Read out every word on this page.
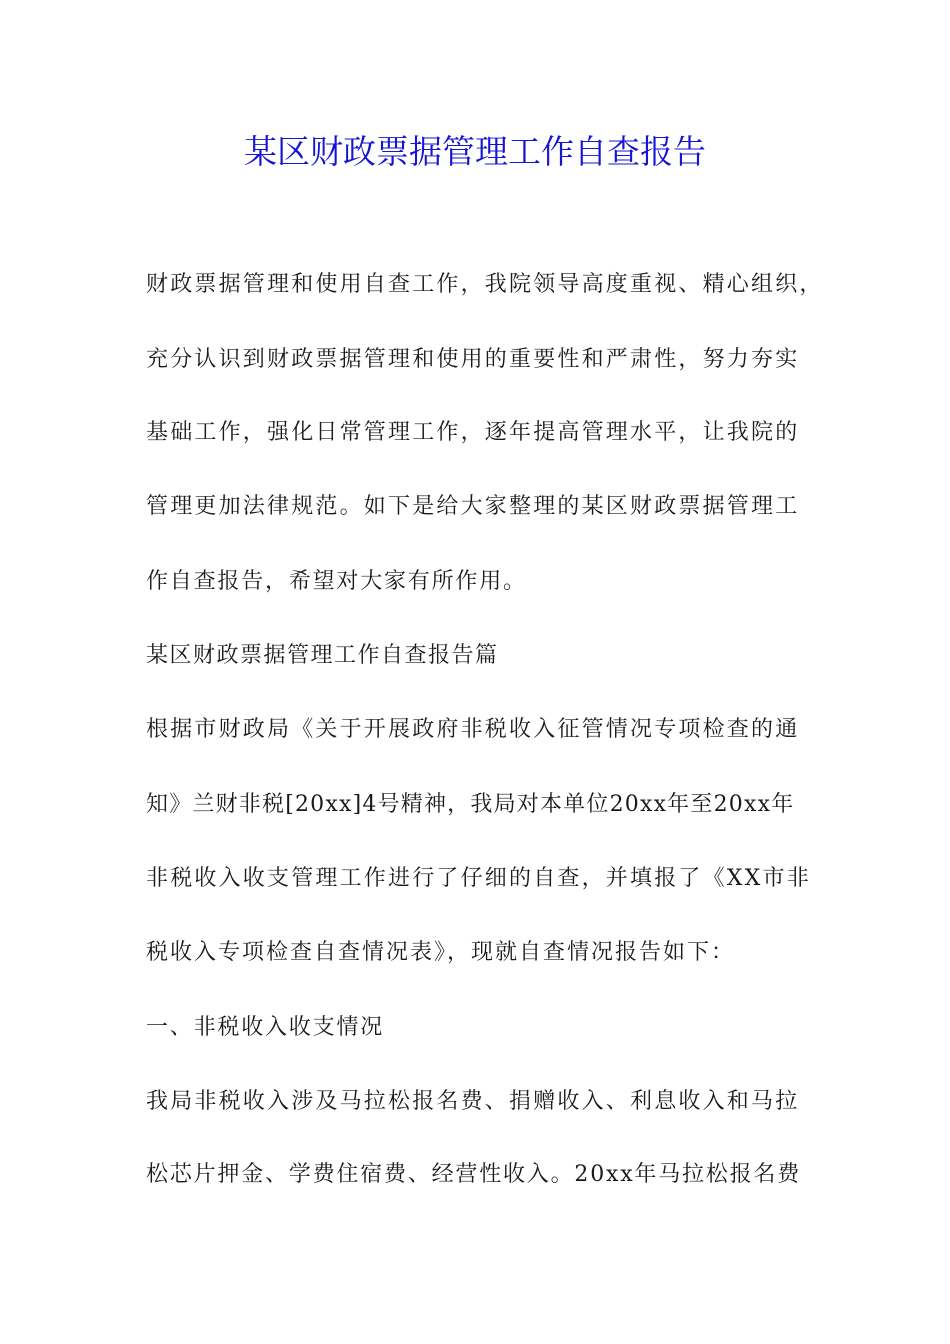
某区财政票据管理工作自查报告

财政票据管理和使用自查工作，我院领导高度重视、精心组织，

充分认识到财政票据管理和使用的重要性和严肃性，努力夯实

基础工作，强化日常管理工作，逐年提高管理水平，让我院的

管理更加法律规范。如下是给大家整理的某区财政票据管理工

作自查报告，希望对大家有所作用。

某区财政票据管理工作自查报告篇

根据市财政局《关于开展政府非税收入征管情况专项检查的通

知》兰财非税[20xx]4号精神，我局对本单位20xx年至20xx年

非税收入收支管理工作进行了仔细的自查，并填报了《XX市非

税收入专项检查自查情况表》，现就自查情况报告如下：

一、非税收入收支情况

我局非税收入涉及马拉松报名费、捐赠收入、利息收入和马拉

松芯片押金、学费住宿费、经营性收入。20xx年马拉松报名费
